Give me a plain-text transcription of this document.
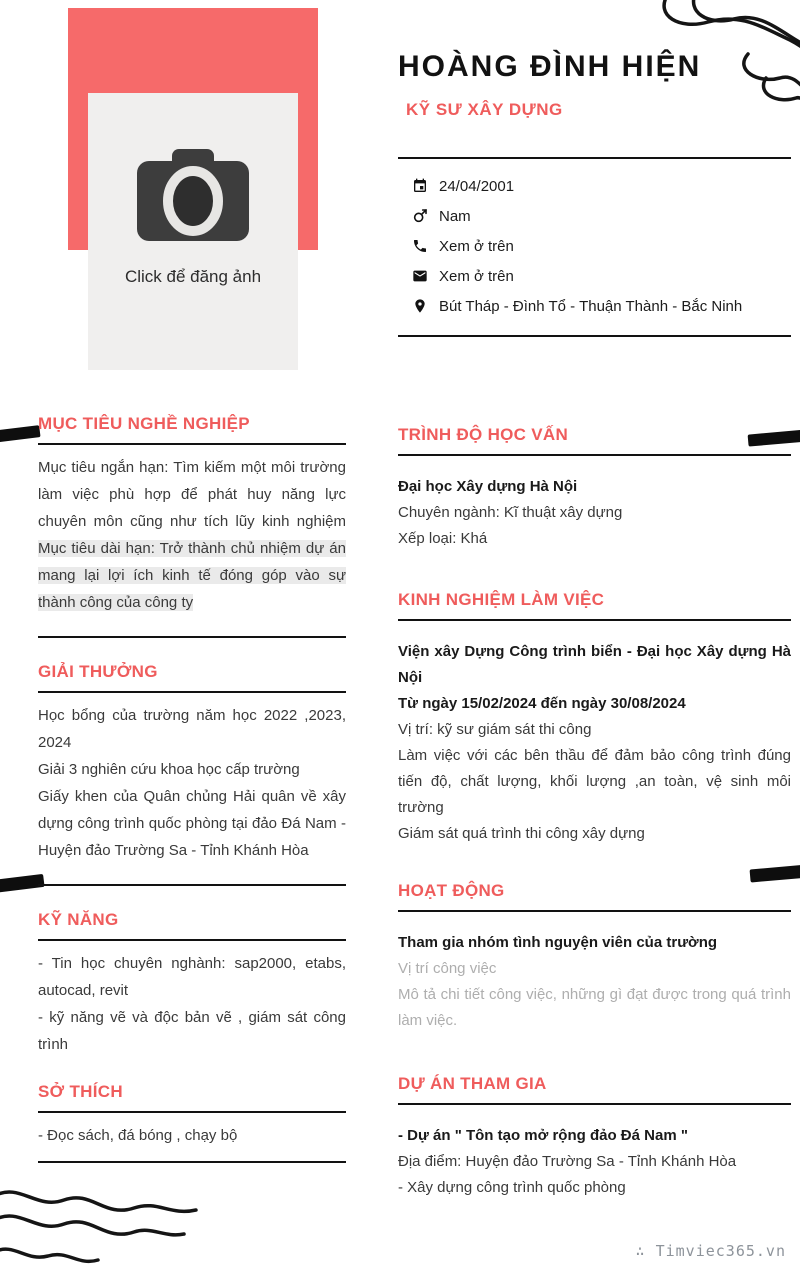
Click để đăng ảnh
HOÀNG ĐÌNH HIỆN
KỸ SƯ XÂY DỰNG
24/04/2001
Nam
Xem ở trên
Xem ở trên
Bút Tháp - Đình Tổ - Thuận Thành - Bắc Ninh
MỤC TIÊU NGHỀ NGHIỆP

Mục tiêu ngắn hạn: Tìm kiếm một môi trường làm việc phù hợp để phát huy năng lực chuyên môn cũng như tích lũy kinh nghiệm Mục tiêu dài hạn: Trở thành chủ nhiệm dự án mang lại lợi ích kinh tế đóng góp vào sự thành công của công ty

GIẢI THƯỞNG
Học bổng của trường năm học 2022 ,2023, 2024
Giải 3 nghiên cứu khoa học cấp trường
Giấy khen của Quân chủng Hải quân về xây dựng công trình quốc phòng tại đảo Đá Nam - Huyện đảo Trường Sa - Tỉnh Khánh Hòa
KỸ NĂNG
- Tin học chuyên nghành: sap2000, etabs, autocad, revit
- kỹ năng vẽ và độc bản vẽ , giám sát công trình
SỞ THÍCH
- Đọc sách, đá bóng , chạy bộ
TRÌNH ĐỘ HỌC VẤN

Đại học Xây dựng Hà Nội

Chuyên ngành: Kĩ thuật xây dựng

Xếp loại: Khá

KINH NGHIỆM LÀM VIỆC

Viện xây Dựng Công trình biển - Đại học Xây dựng Hà Nội

Từ ngày 15/02/2024 đến ngày 30/08/2024

Vị trí: kỹ sư giám sát thi công

Làm việc với các bên thầu để đảm bảo công trình đúng tiến độ, chất lượng, khối lượng ,an toàn, vệ sinh môi trường

Giám sát quá trình thi công xây dựng

HOẠT ĐỘNG

Tham gia nhóm tình nguyện viên của trường

Vị trí công việc

Mô tả chi tiết công việc, những gì đạt được trong quá trình làm việc.

DỰ ÁN THAM GIA

- Dự án " Tôn tạo mở rộng đảo Đá Nam "

Địa điểm: Huyện đảo Trường Sa - Tỉnh Khánh Hòa

- Xây dựng công trình quốc phòng

∴ Timviec365.vn
